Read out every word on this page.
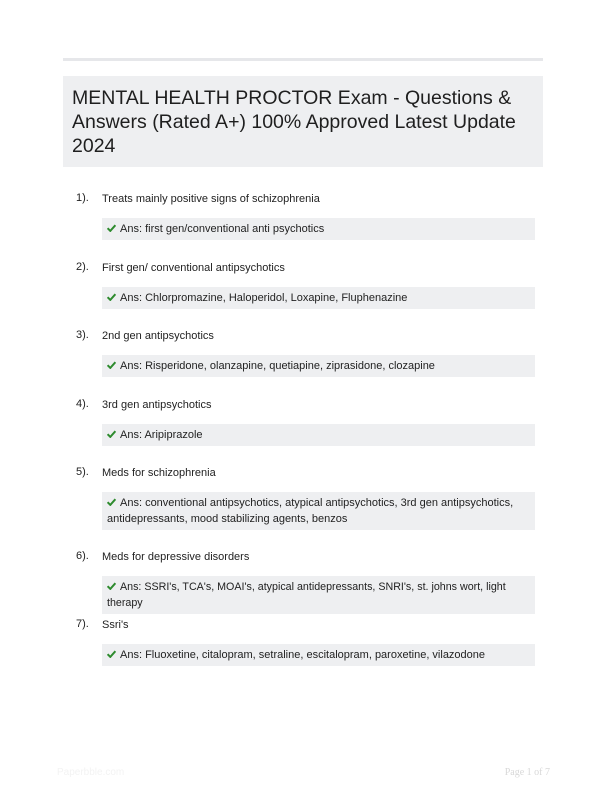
MENTAL HEALTH PROCTOR Exam - Questions & Answers (Rated A+) 100% Approved Latest Update 2024
1). Treats mainly positive signs of schizophrenia
Ans: first gen/conventional anti psychotics
2). First gen/ conventional antipsychotics
Ans: Chlorpromazine, Haloperidol, Loxapine, Fluphenazine
3). 2nd gen antipsychotics
Ans: Risperidone, olanzapine, quetiapine, ziprasidone, clozapine
4). 3rd gen antipsychotics
Ans: Aripiprazole
5). Meds for schizophrenia
Ans: conventional antipsychotics, atypical antipsychotics, 3rd gen antipsychotics, antidepressants, mood stabilizing agents, benzos
6). Meds for depressive disorders
Ans: SSRI's, TCA's, MOAI's, atypical antidepressants, SNRI's, st. johns wort, light therapy
7). Ssri's
Ans: Fluoxetine, citalopram, setraline, escitalopram, paroxetine, vilazodone
Paperbble.com	Page 1 of 7
